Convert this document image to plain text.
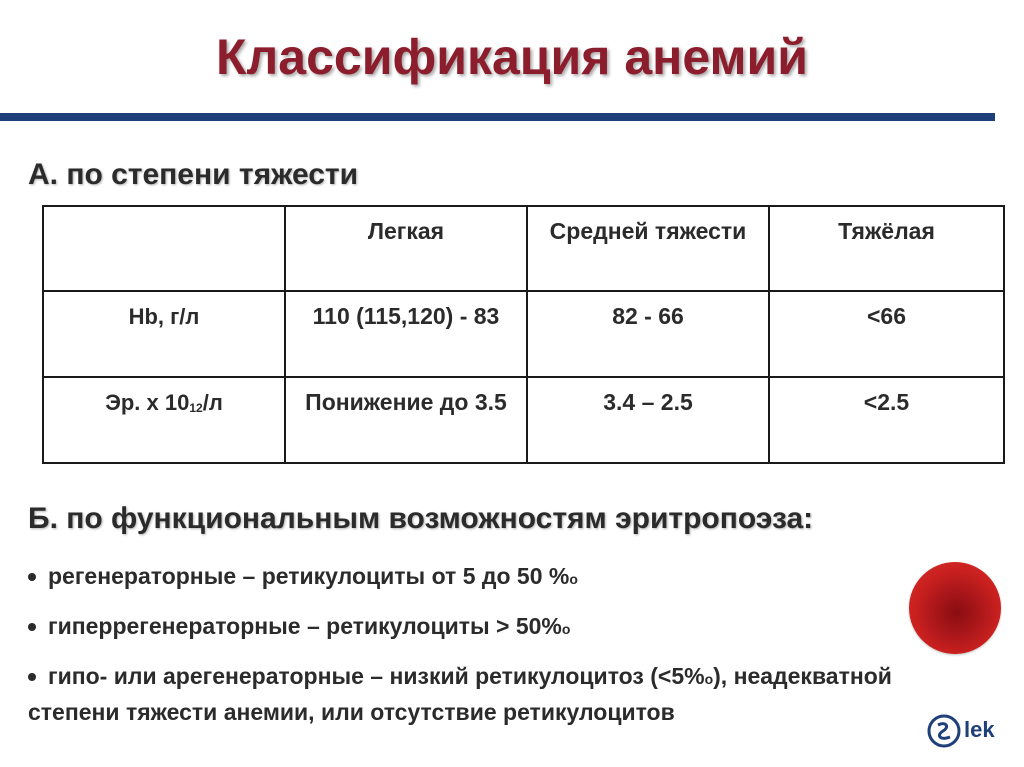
Классификация анемий
А. по степени тяжести
	Легкая	Средней тяжести	Тяжёлая
Hb, г/л	110 (115,120) - 83	82 - 66	<66
Эр. х $10_{12}/л$	Понижение до 3.5	3.4 – 2.5	<2.5
Б. по функциональным возможностям эритропоэза:
регенераторные – ретикулоциты от 5 до 50 %о
гиперрегенераторные – ретикулоциты > 50%о
гипо- или арегенераторные – низкий ретикулоцитоз (<5%о), неадекватной степени тяжести анемии, или отсутствие ретикулоцитов
lek
